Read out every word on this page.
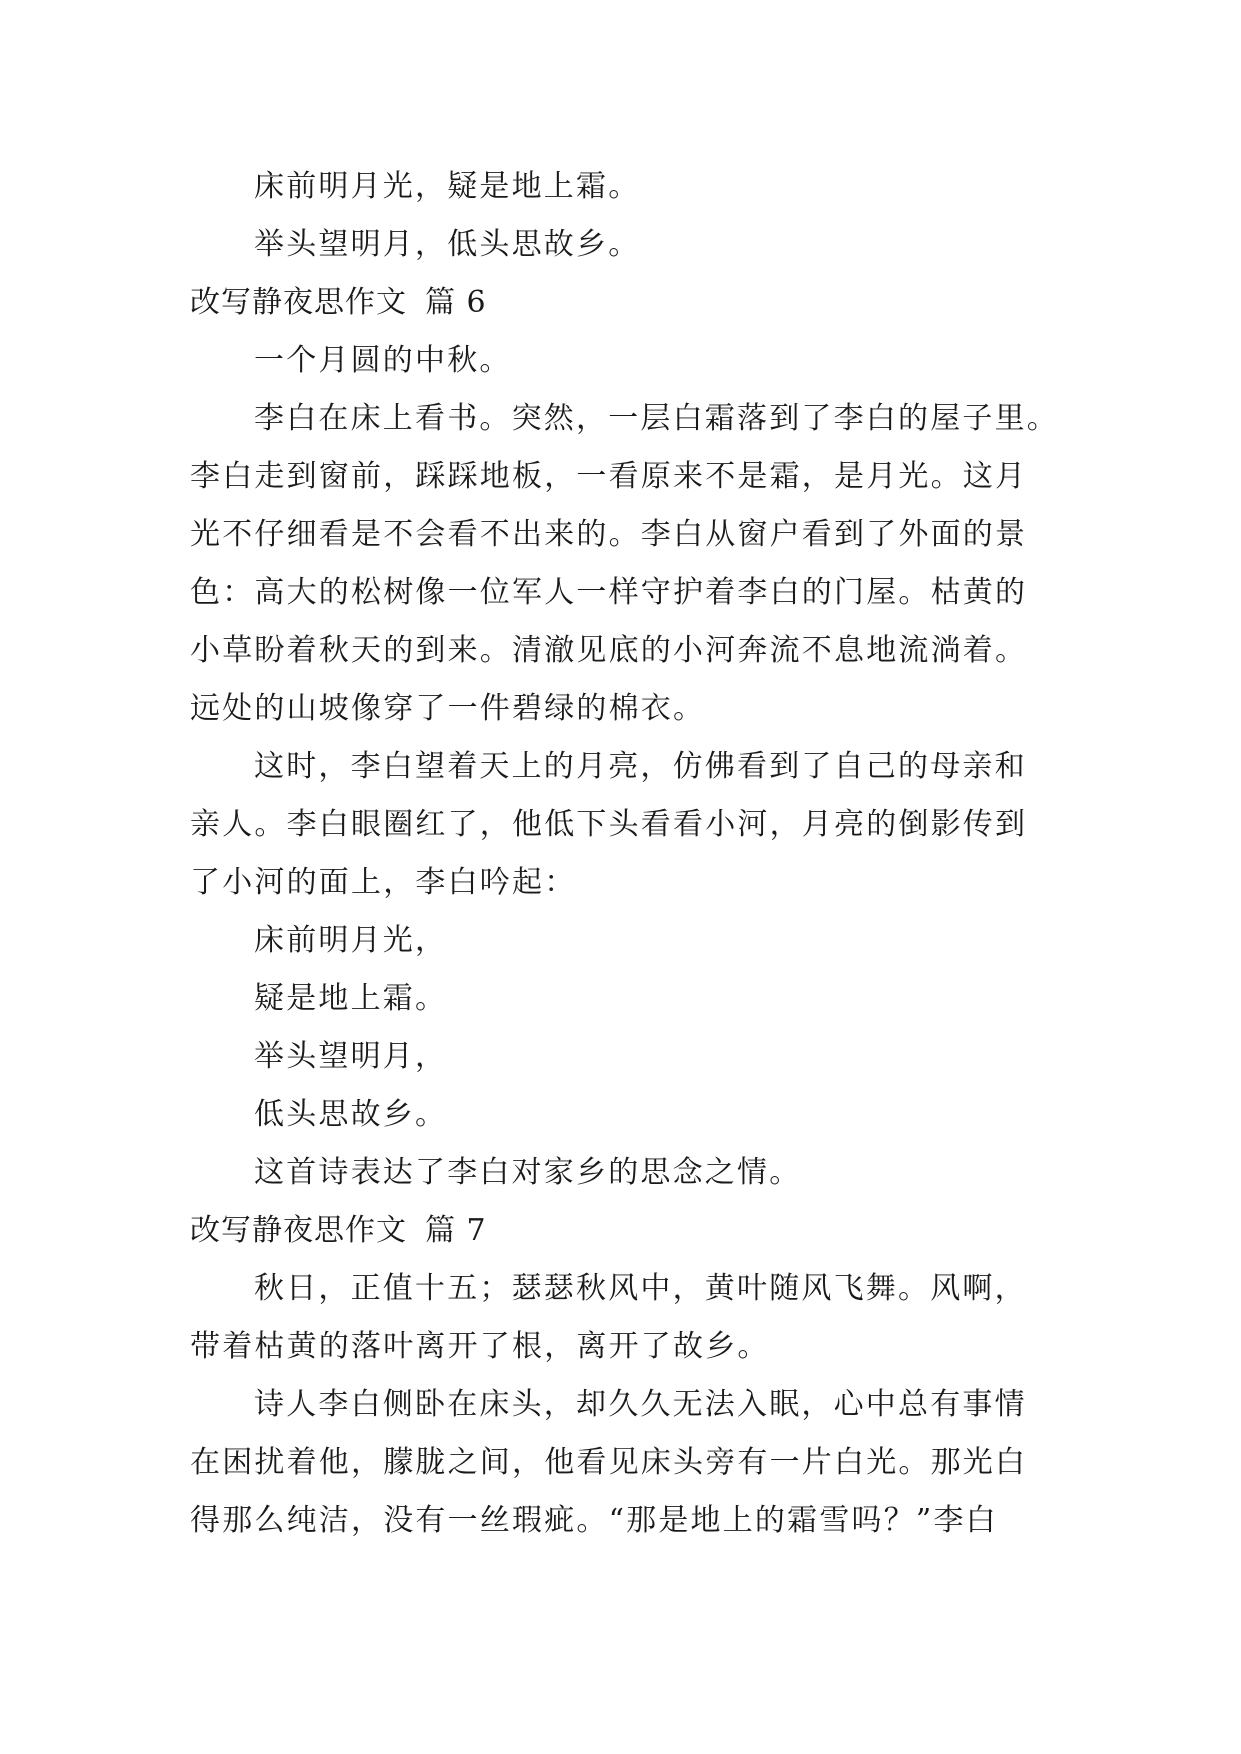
床前明月光，疑是地上霜。
举头望明月，低头思故乡。
改写静夜思作文 篇 6
一个月圆的中秋。
李白在床上看书。突然，一层白霜落到了李白的屋子里。
李白走到窗前，踩踩地板，一看原来不是霜，是月光。这月
光不仔细看是不会看不出来的。李白从窗户看到了外面的景
色：高大的松树像一位军人一样守护着李白的门屋。枯黄的
小草盼着秋天的到来。清澈见底的小河奔流不息地流淌着。
远处的山坡像穿了一件碧绿的棉衣。
这时，李白望着天上的月亮，仿佛看到了自己的母亲和
亲人。李白眼圈红了，他低下头看看小河，月亮的倒影传到
了小河的面上，李白吟起：
床前明月光，
疑是地上霜。
举头望明月，
低头思故乡。
这首诗表达了李白对家乡的思念之情。
改写静夜思作文 篇 7
秋日，正值十五；瑟瑟秋风中，黄叶随风飞舞。风啊，
带着枯黄的落叶离开了根，离开了故乡。
诗人李白侧卧在床头，却久久无法入眠，心中总有事情
在困扰着他，朦胧之间，他看见床头旁有一片白光。那光白
得那么纯洁，没有一丝瑕疵。“那是地上的霜雪吗？”李白
